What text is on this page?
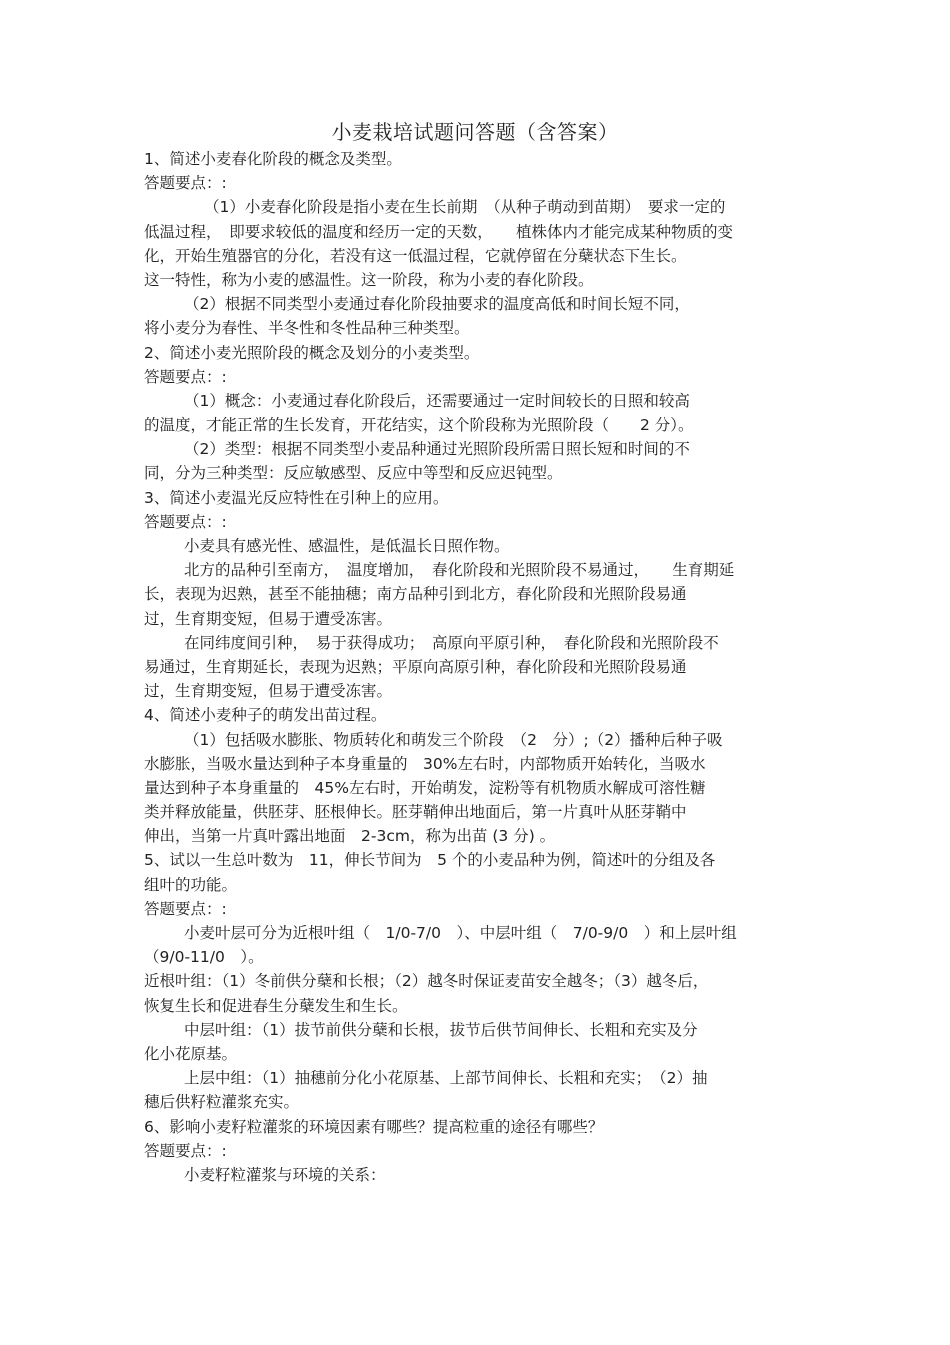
小麦栽培试题问答题（含答案）
1、简述小麦春化阶段的概念及类型。
答题要点：:
（1）小麦春化阶段是指小麦在生长前期　（从种子萌动到苗期）　要求一定的
低温过程，　即要求较低的温度和经历一定的天数，　　植株体内才能完成某种物质的变
化，开始生殖器官的分化，若没有这一低温过程，它就停留在分蘖状态下生长。
这一特性，称为小麦的感温性。这一阶段，称为小麦的春化阶段。
（2）根据不同类型小麦通过春化阶段抽要求的温度高低和时间长短不同，
将小麦分为春性、半冬性和冬性品种三种类型。
2、简述小麦光照阶段的概念及划分的小麦类型。
答题要点：:
（1）概念：小麦通过春化阶段后，还需要通过一定时间较长的日照和较高
的温度，才能正常的生长发育，开花结实，这个阶段称为光照阶段（　　2 分）。
（2）类型：根据不同类型小麦品种通过光照阶段所需日照长短和时间的不
同，分为三种类型：反应敏感型、反应中等型和反应迟钝型。
3、简述小麦温光反应特性在引种上的应用。
答题要点：:
小麦具有感光性、感温性，是低温长日照作物。
北方的品种引至南方，　温度增加，　春化阶段和光照阶段不易通过，　　生育期延
长，表现为迟熟，甚至不能抽穗；南方品种引到北方，春化阶段和光照阶段易通
过，生育期变短，但易于遭受冻害。
在同纬度间引种，　易于获得成功；　高原向平原引种，　春化阶段和光照阶段不
易通过，生育期延长，表现为迟熟；平原向高原引种，春化阶段和光照阶段易通
过，生育期变短，但易于遭受冻害。
4、简述小麦种子的萌发出苗过程。
（1）包括吸水膨胀、物质转化和萌发三个阶段　（2　分）;（2）播种后种子吸
水膨胀，当吸水量达到种子本身重量的　30%左右时，内部物质开始转化，当吸水
量达到种子本身重量的　45%左右时，开始萌发，淀粉等有机物质水解成可溶性糖
类并释放能量，供胚芽、胚根伸长。胚芽鞘伸出地面后，第一片真叶从胚芽鞘中
伸出，当第一片真叶露出地面　2-3cm，称为出苗 (3 分) 。
5、试以一生总叶数为　11，伸长节间为　5 个的小麦品种为例，简述叶的分组及各
组叶的功能。
答题要点：:
小麦叶层可分为近根叶组（　1/0-7/0　）、中层叶组（　7/0-9/0　）和上层叶组
（9/0-11/0　）。
近根叶组：（1）冬前供分蘖和长根；（2）越冬时保证麦苗安全越冬；（3）越冬后，
恢复生长和促进春生分蘖发生和生长。
中层叶组：（1）拔节前供分蘖和长根，拔节后供节间伸长、长粗和充实及分
化小花原基。
上层中组：（1）抽穗前分化小花原基、上部节间伸长、长粗和充实；　（2）抽
穗后供籽粒灌浆充实。
6、影响小麦籽粒灌浆的环境因素有哪些？提高粒重的途径有哪些？
答题要点：:
小麦籽粒灌浆与环境的关系：
